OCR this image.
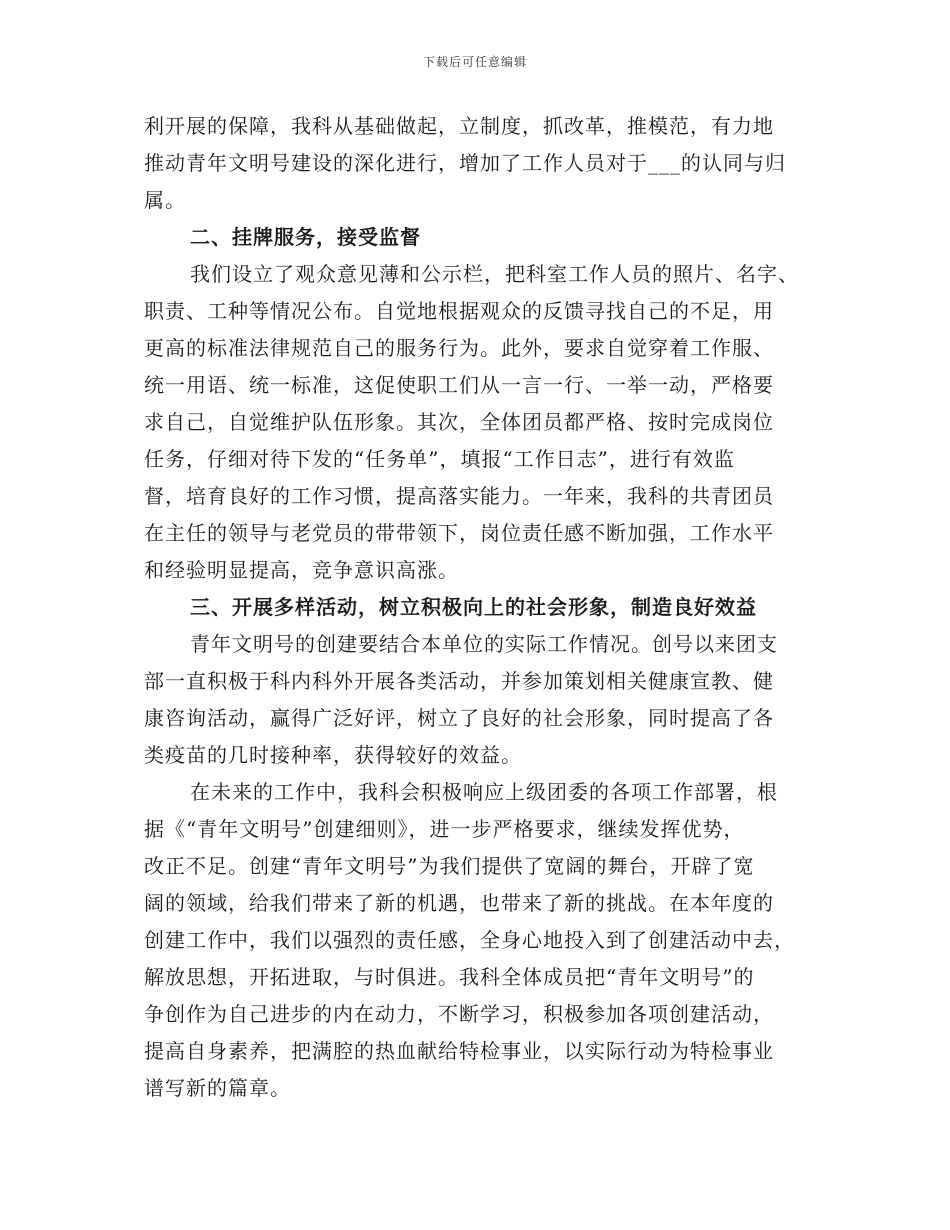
下载后可任意编辑
利开展的保障，我科从基础做起，立制度，抓改革，推模范，有力地
推动青年文明号建设的深化进行，增加了工作人员对于___的认同与归
属。
二、挂牌服务，接受监督
我们设立了观众意见薄和公示栏，把科室工作人员的照片、名字、
职责、工种等情况公布。自觉地根据观众的反馈寻找自己的不足，用
更高的标准法律规范自己的服务行为。此外，要求自觉穿着工作服、
统一用语、统一标准，这促使职工们从一言一行、一举一动，严格要
求自己，自觉维护队伍形象。其次，全体团员都严格、按时完成岗位
任务，仔细对待下发的“任务单”，填报“工作日志”，进行有效监
督，培育良好的工作习惯，提高落实能力。一年来，我科的共青团员
在主任的领导与老党员的带带领下，岗位责任感不断加强，工作水平
和经验明显提高，竞争意识高涨。
三、开展多样活动，树立积极向上的社会形象，制造良好效益
青年文明号的创建要结合本单位的实际工作情况。创号以来团支
部一直积极于科内科外开展各类活动，并参加策划相关健康宣教、健
康咨询活动，赢得广泛好评，树立了良好的社会形象，同时提高了各
类疫苗的几时接种率，获得较好的效益。
在未来的工作中，我科会积极响应上级团委的各项工作部署，根
据《“青年文明号”创建细则》，进一步严格要求，继续发挥优势，
改正不足。创建“青年文明号”为我们提供了宽阔的舞台，开辟了宽
阔的领域，给我们带来了新的机遇，也带来了新的挑战。在本年度的
创建工作中，我们以强烈的责任感，全身心地投入到了创建活动中去，
解放思想，开拓进取，与时俱进。我科全体成员把“青年文明号”的
争创作为自己进步的内在动力，不断学习，积极参加各项创建活动，
提高自身素养，把满腔的热血献给特检事业，以实际行动为特检事业
谱写新的篇章。
